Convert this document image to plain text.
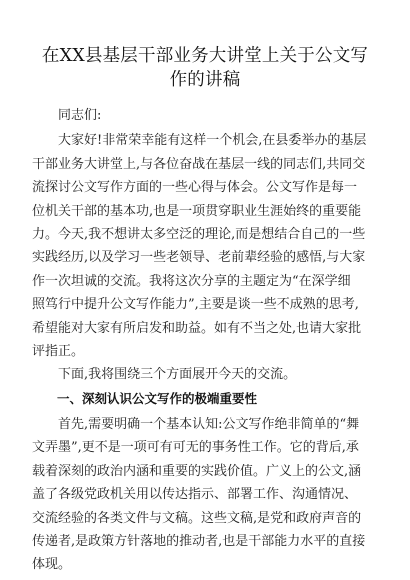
在XX县基层干部业务大讲堂上关于公文写
作的讲稿

同志们:

大家好!非常荣幸能有这样一个机会,在县委举办的基层
干部业务大讲堂上,与各位奋战在基层一线的同志们,共同交
流探讨公文写作方面的一些心得与体会。公文写作是每一
位机关干部的基本功,也是一项贯穿职业生涯始终的重要能
力。今天,我不想讲太多空泛的理论,而是想结合自己的一些
实践经历,以及学习一些老领导、老前辈经验的感悟,与大家
作一次坦诚的交流。我将这次分享的主题定为“在深学细
照笃行中提升公文写作能力”,主要是谈一些不成熟的思考,
希望能对大家有所启发和助益。如有不当之处,也请大家批
评指正。

下面,我将围绕三个方面展开今天的交流。

一、深刻认识公文写作的极端重要性

首先,需要明确一个基本认知:公文写作绝非简单的“舞
文弄墨”,更不是一项可有可无的事务性工作。它的背后,承
载着深刻的政治内涵和重要的实践价值。广义上的公文,涵
盖了各级党政机关用以传达指示、部署工作、沟通情况、
交流经验的各类文件与文稿。这些文稿,是党和政府声音的
传递者,是政策方针落地的推动者,也是干部能力水平的直接
体现。
